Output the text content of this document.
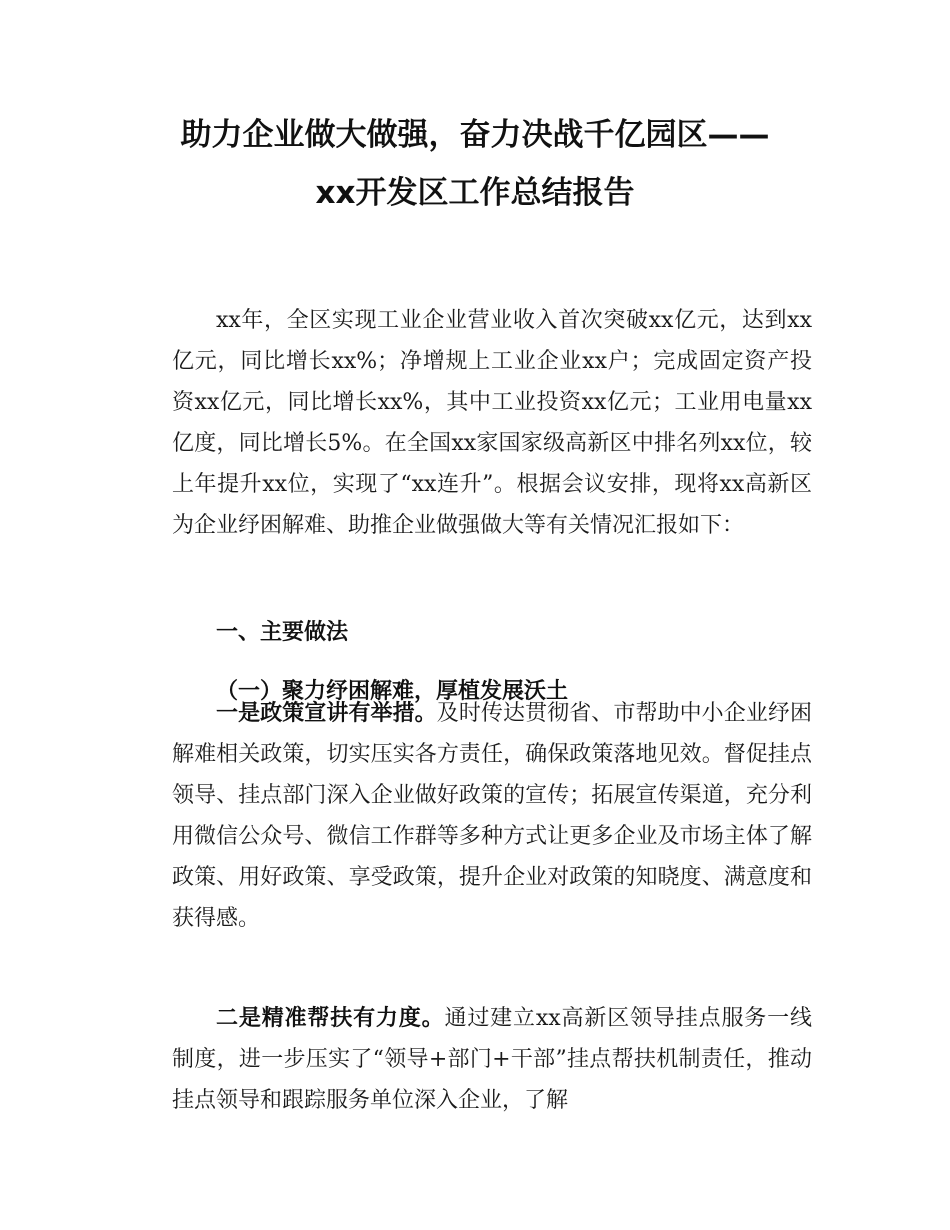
助力企业做大做强，奋力决战千亿园区——
xx开发区工作总结报告

xx年，全区实现工业企业营业收入首次突破xx亿元，达到xx亿元，同比增长xx%；净增规上工业企业xx户；完成固定资产投资xx亿元，同比增长xx%，其中工业投资xx亿元；工业用电量xx亿度，同比增长5%。在全国xx家国家级高新区中排名列xx位，较上年提升xx位，实现了“xx连升”。根据会议安排，现将xx高新区为企业纾困解难、助推企业做强做大等有关情况汇报如下：

一、主要做法
（一）聚力纾困解难，厚植发展沃土

一是政策宣讲有举措。及时传达贯彻省、市帮助中小企业纾困解难相关政策，切实压实各方责任，确保政策落地见效。督促挂点领导、挂点部门深入企业做好政策的宣传；拓展宣传渠道，充分利用微信公众号、微信工作群等多种方式让更多企业及市场主体了解政策、用好政策、享受政策，提升企业对政策的知晓度、满意度和获得感。

二是精准帮扶有力度。通过建立xx高新区领导挂点服务一线制度，进一步压实了“领导+部门+干部”挂点帮扶机制责任，推动挂点领导和跟踪服务单位深入企业，了解
